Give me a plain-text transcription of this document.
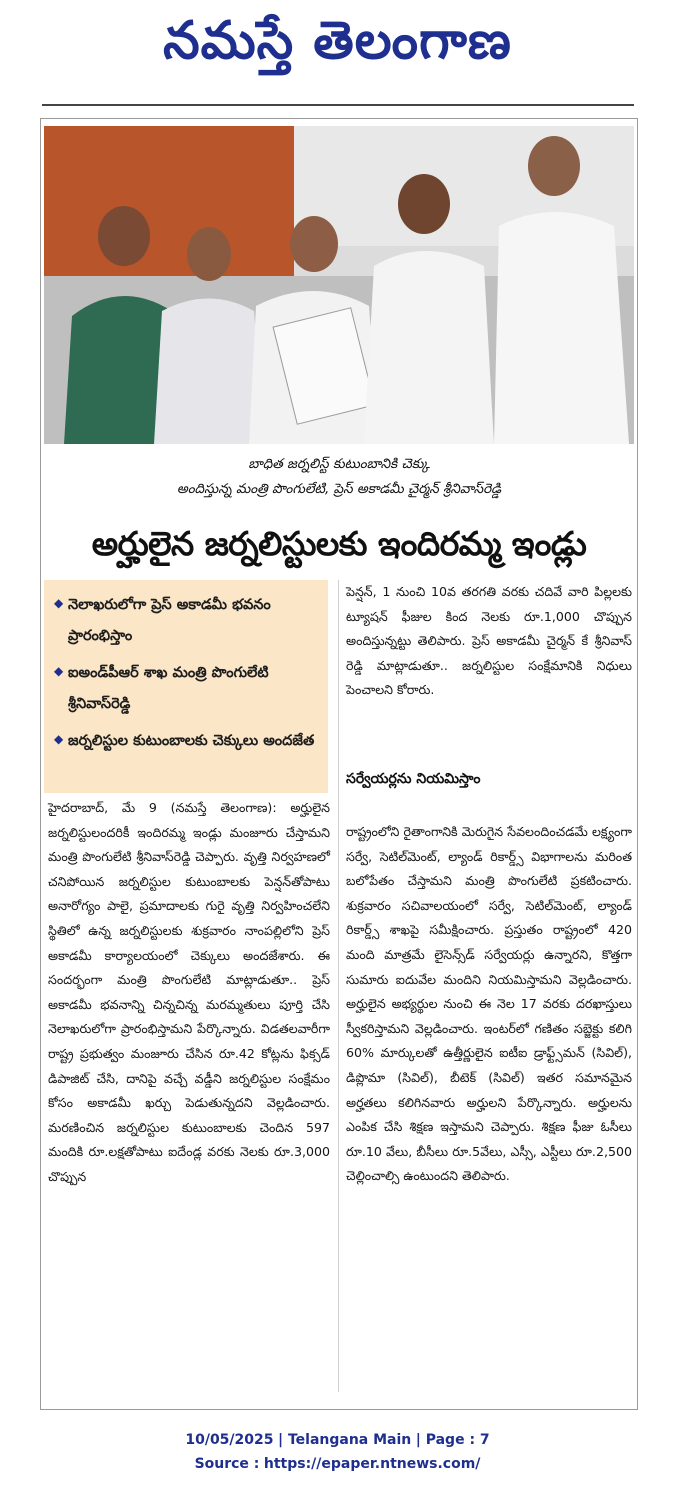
నమస్తే తెలంగాణ
బాధిత జర్నలిస్ట్ కుటుంబానికి చెక్కు
అందిస్తున్న మంత్రి పొంగులేటి, ప్రెస్ అకాడమీ చైర్మన్ శ్రీనివాస్‌రెడ్డి
అర్హులైన జర్నలిస్టులకు ఇందిరమ్మ ఇండ్లు
◆ నెలాఖరులోగా ప్రెస్ అకాడమీ భవనం ప్రారంభిస్తాం
◆ ఐఅండ్‌పీఆర్ శాఖ మంత్రి పొంగులేటి శ్రీనివాస్‌రెడ్డి
◆ జర్నలిస్టుల కుటుంబాలకు చెక్కులు అందజేత
హైదరాబాద్, మే 9 (నమస్తే తెలంగాణ): అర్హులైన జర్నలిస్టులందరికీ ఇందిరమ్మ ఇండ్లు మంజూరు చేస్తామని మంత్రి పొంగులేటి శ్రీనివాస్‌రెడ్డి చెప్పారు. వృత్తి నిర్వహణలో చనిపోయిన జర్నలిస్టుల కుటుంబాలకు పెన్షన్‌తోపాటు అనారోగ్యం పాలై, ప్రమాదాలకు గురై వృత్తి నిర్వహించలేని స్థితిలో ఉన్న జర్నలిస్టులకు శుక్రవారం నాంపల్లిలోని ప్రెస్ అకాడమీ కార్యాలయంలో చెక్కులు అందజేశారు. ఈ సందర్భంగా మంత్రి పొంగులేటి మాట్లాడుతూ.. ప్రెస్ అకాడమీ భవనాన్ని చిన్నచిన్న మరమ్మతులు పూర్తి చేసి నెలాఖరులోగా ప్రారంభిస్తామని పేర్కొన్నారు. విడతలవారీగా రాష్ట్ర ప్రభుత్వం మంజూరు చేసిన రూ.42 కోట్లను ఫిక్సడ్ డిపాజిట్ చేసి, దానిపై వచ్చే వడ్డీని జర్నలిస్టుల సంక్షేమం కోసం అకాడమీ ఖర్చు పెడుతున్నదని వెల్లడించారు. మరణించిన జర్నలిస్టుల కుటుంబాలకు చెందిన 597 మందికి రూ.లక్షతోపాటు ఐదేండ్ల వరకు నెలకు రూ.3,000 చొప్పున
పెన్షన్, 1 నుంచి 10వ తరగతి వరకు చదివే వారి పిల్లలకు ట్యూషన్ ఫీజుల కింద నెలకు రూ.1,000 చొప్పున అందిస్తున్నట్టు తెలిపారు. ప్రెస్ అకాడమీ చైర్మన్ కే శ్రీనివాస్ రెడ్డి మాట్లాడుతూ.. జర్నలిస్టుల సంక్షేమానికి నిధులు పెంచాలని కోరారు.
సర్వేయర్లను నియమిస్తాం
రాష్ట్రంలోని రైతాంగానికి మెరుగైన సేవలందించడమే లక్ష్యంగా సర్వే, సెటిల్‌మెంట్, ల్యాండ్ రికార్డ్స్ విభాగాలను మరింత బలోపేతం చేస్తామని మంత్రి పొంగులేటి ప్రకటించారు. శుక్రవారం సచివాలయంలో సర్వే, సెటిల్‌మెంట్, ల్యాండ్ రికార్డ్స్ శాఖపై సమీక్షించారు. ప్రస్తుతం రాష్ట్రంలో 420 మంది మాత్రమే లైసెన్స్‌డ్ సర్వేయర్లు ఉన్నారని, కొత్తగా సుమారు ఐదువేల మందిని నియమిస్తామని వెల్లడించారు. అర్హులైన అభ్యర్థుల నుంచి ఈ నెల 17 వరకు దరఖాస్తులు స్వీకరిస్తామని వెల్లడించారు. ఇంటర్‌లో గణితం సబ్జెక్టు కలిగి 60% మార్కులతో ఉత్తీర్ణులైన ఐటీఐ డ్రాఫ్ట్స్‌మన్ (సివిల్), డిప్లొమా (సివిల్), బీటెక్ (సివిల్) ఇతర సమానమైన అర్హతలు కలిగినవారు అర్హులని పేర్కొన్నారు. అర్హులను ఎంపిక చేసి శిక్షణ ఇస్తామని చెప్పారు. శిక్షణ ఫీజు ఓసీలు రూ.10 వేలు, బీసీలు రూ.5వేలు, ఎస్సీ, ఎస్టీలు రూ.2,500 చెల్లించాల్సి ఉంటుందని తెలిపారు.
10/05/2025 | Telangana Main | Page : 7
Source : https://epaper.ntnews.com/
